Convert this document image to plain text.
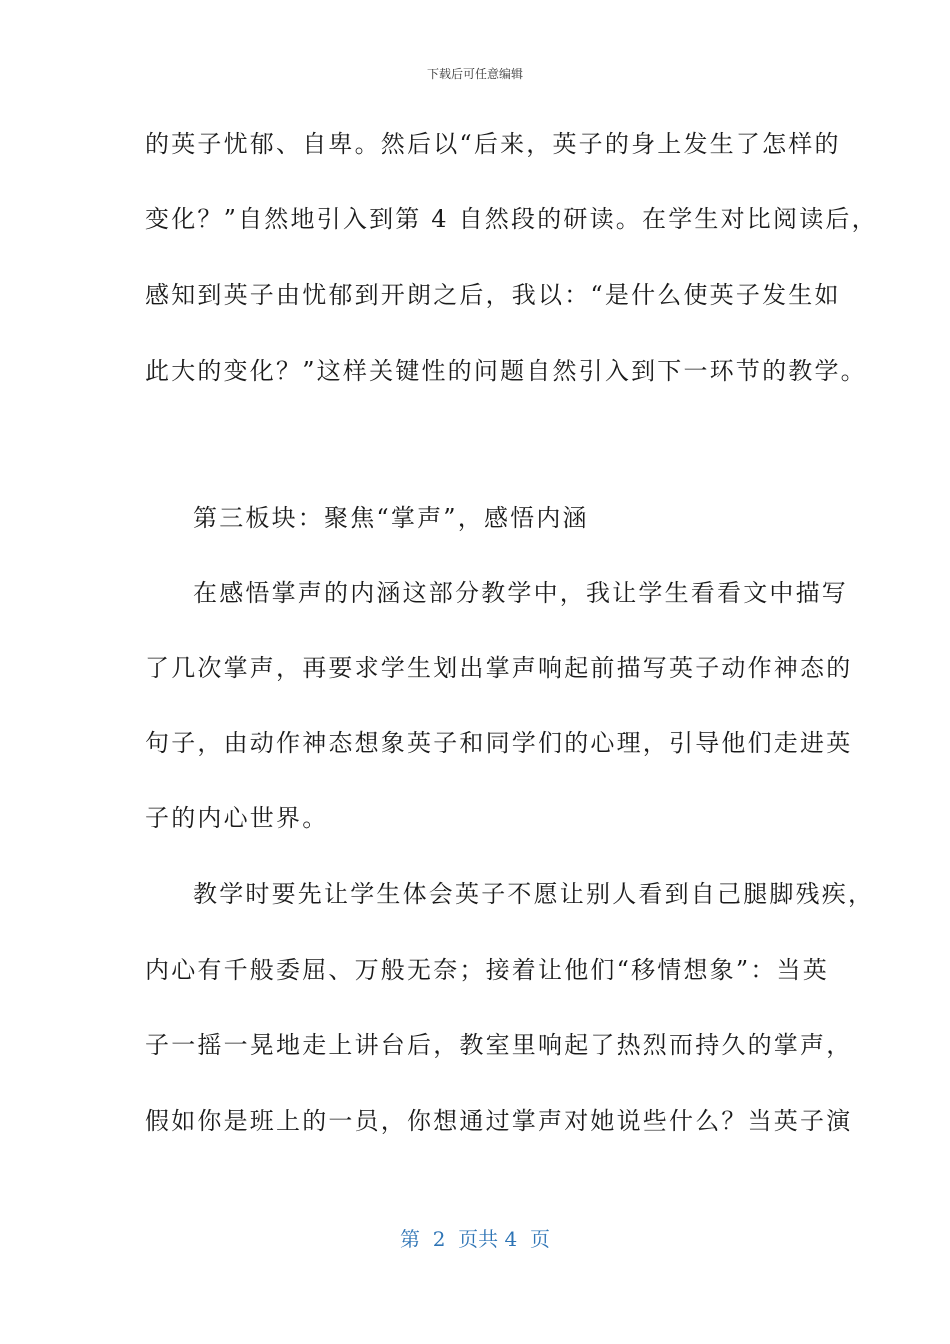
下载后可任意编辑
的英子忧郁、自卑。然后以“后来，英子的身上发生了怎样的
变化？”自然地引入到第 4 自然段的研读。在学生对比阅读后，
感知到英子由忧郁到开朗之后，我以：“是什么使英子发生如
此大的变化？”这样关键性的问题自然引入到下一环节的教学。
第三板块：聚焦“掌声”，感悟内涵
在感悟掌声的内涵这部分教学中，我让学生看看文中描写
了几次掌声，再要求学生划出掌声响起前描写英子动作神态的
句子，由动作神态想象英子和同学们的心理，引导他们走进英
子的内心世界。
教学时要先让学生体会英子不愿让别人看到自己腿脚残疾，
内心有千般委屈、万般无奈；接着让他们“移情想象”：当英
子一摇一晃地走上讲台后，教室里响起了热烈而持久的掌声，
假如你是班上的一员，你想通过掌声对她说些什么？当英子演
第  2  页共 4  页
